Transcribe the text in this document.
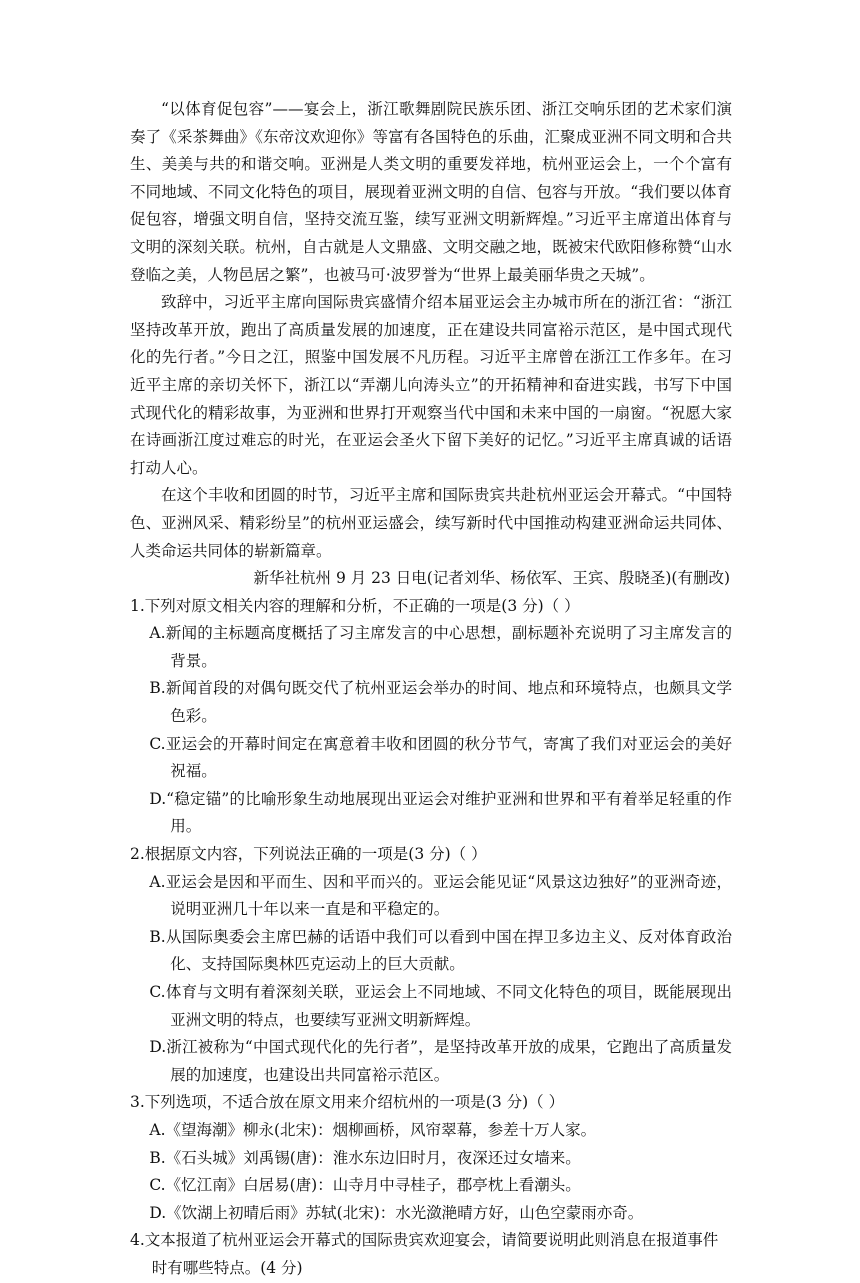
“以体育促包容”——宴会上，浙江歌舞剧院民族乐团、浙江交响乐团的艺术家们演奏了《采茶舞曲》《东帝汶欢迎你》等富有各国特色的乐曲，汇聚成亚洲不同文明和合共生、美美与共的和谐交响。亚洲是人类文明的重要发祥地，杭州亚运会上，一个个富有不同地域、不同文化特色的项目，展现着亚洲文明的自信、包容与开放。“我们要以体育促包容，增强文明自信，坚持交流互鉴，续写亚洲文明新辉煌。”习近平主席道出体育与文明的深刻关联。杭州，自古就是人文鼎盛、文明交融之地，既被宋代欧阳修称赞“山水登临之美，人物邑居之繁”，也被马可·波罗誉为“世界上最美丽华贵之天城”。

致辞中，习近平主席向国际贵宾盛情介绍本届亚运会主办城市所在的浙江省：“浙江坚持改革开放，跑出了高质量发展的加速度，正在建设共同富裕示范区，是中国式现代化的先行者。”今日之江，照鉴中国发展不凡历程。习近平主席曾在浙江工作多年。在习近平主席的亲切关怀下，浙江以“弄潮儿向涛头立”的开拓精神和奋进实践，书写下中国式现代化的精彩故事，为亚洲和世界打开观察当代中国和未来中国的一扇窗。“祝愿大家在诗画浙江度过难忘的时光，在亚运会圣火下留下美好的记忆。”习近平主席真诚的话语打动人心。

在这个丰收和团圆的时节，习近平主席和国际贵宾共赴杭州亚运会开幕式。“中国特色、亚洲风采、精彩纷呈”的杭州亚运盛会，续写新时代中国推动构建亚洲命运共同体、人类命运共同体的崭新篇章。

新华社杭州 9 月 23 日电(记者刘华、杨依军、王宾、殷晓圣)(有删改)

1.下列对原文相关内容的理解和分析，不正确的一项是(3 分)（ ）

A.新闻的主标题高度概括了习主席发言的中心思想，副标题补充说明了习主席发言的背景。

B.新闻首段的对偶句既交代了杭州亚运会举办的时间、地点和环境特点，也颇具文学色彩。

C.亚运会的开幕时间定在寓意着丰收和团圆的秋分节气，寄寓了我们对亚运会的美好祝福。

D.“稳定锚”的比喻形象生动地展现出亚运会对维护亚洲和世界和平有着举足轻重的作用。

2.根据原文内容，下列说法正确的一项是(3 分)（ ）

A.亚运会是因和平而生、因和平而兴的。亚运会能见证“风景这边独好”的亚洲奇迹，说明亚洲几十年以来一直是和平稳定的。

B.从国际奥委会主席巴赫的话语中我们可以看到中国在捍卫多边主义、反对体育政治化、支持国际奥林匹克运动上的巨大贡献。

C.体育与文明有着深刻关联，亚运会上不同地域、不同文化特色的项目，既能展现出亚洲文明的特点，也要续写亚洲文明新辉煌。

D.浙江被称为“中国式现代化的先行者”，是坚持改革开放的成果，它跑出了高质量发展的加速度，也建设出共同富裕示范区。

3.下列选项，不适合放在原文用来介绍杭州的一项是(3 分)（ ）

A.《望海潮》柳永(北宋)：烟柳画桥，风帘翠幕，参差十万人家。

B.《石头城》刘禹锡(唐)：淮水东边旧时月，夜深还过女墙来。

C.《忆江南》白居易(唐)：山寺月中寻桂子，郡亭枕上看潮头。

D.《饮湖上初晴后雨》苏轼(北宋)：水光潋滟晴方好，山色空蒙雨亦奇。

4.文本报道了杭州亚运会开幕式的国际贵宾欢迎宴会，请简要说明此则消息在报道事件时有哪些特点。(4 分)
